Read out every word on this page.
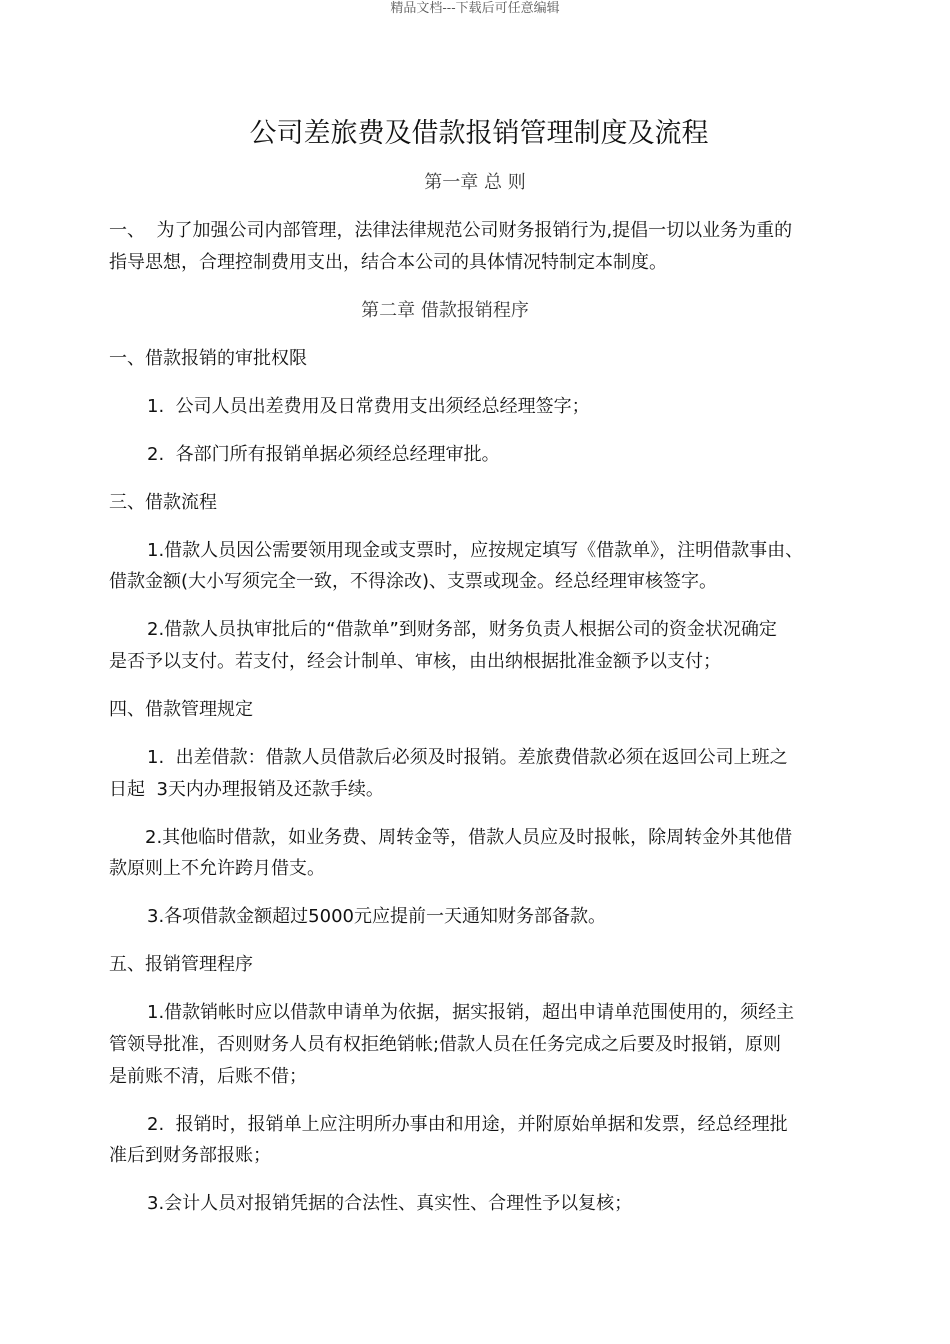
精品文档---下载后可任意编辑
公司差旅费及借款报销管理制度及流程
第一章 总 则
一、  为了加强公司内部管理，法律法律规范公司财务报销行为,提倡一切以业务为重的
指导思想，合理控制费用支出，结合本公司的具体情况特制定本制度。
第二章 借款报销程序
一、借款报销的审批权限
1.  公司人员出差费用及日常费用支出须经总经理签字；
2.  各部门所有报销单据必须经总经理审批。
三、借款流程
1.借款人员因公需要领用现金或支票时，应按规定填写《借款单》，注明借款事由、
借款金额(大小写须完全一致，不得涂改)、支票或现金。经总经理审核签字。
2.借款人员执审批后的“借款单”到财务部，财务负责人根据公司的资金状况确定
是否予以支付。若支付，经会计制单、审核，由出纳根据批准金额予以支付；
四、借款管理规定
1.  出差借款：借款人员借款后必须及时报销。差旅费借款必须在返回公司上班之
日起  3天内办理报销及还款手续。
2.其他临时借款，如业务费、周转金等，借款人员应及时报帐，除周转金外其他借
款原则上不允许跨月借支。
3.各项借款金额超过5000元应提前一天通知财务部备款。
五、报销管理程序
1.借款销帐时应以借款申请单为依据，据实报销，超出申请单范围使用的，须经主
管领导批准，否则财务人员有权拒绝销帐;借款人员在任务完成之后要及时报销，原则
是前账不清，后账不借；
2.  报销时，报销单上应注明所办事由和用途，并附原始单据和发票，经总经理批
准后到财务部报账；
3.会计人员对报销凭据的合法性、真实性、合理性予以复核；
